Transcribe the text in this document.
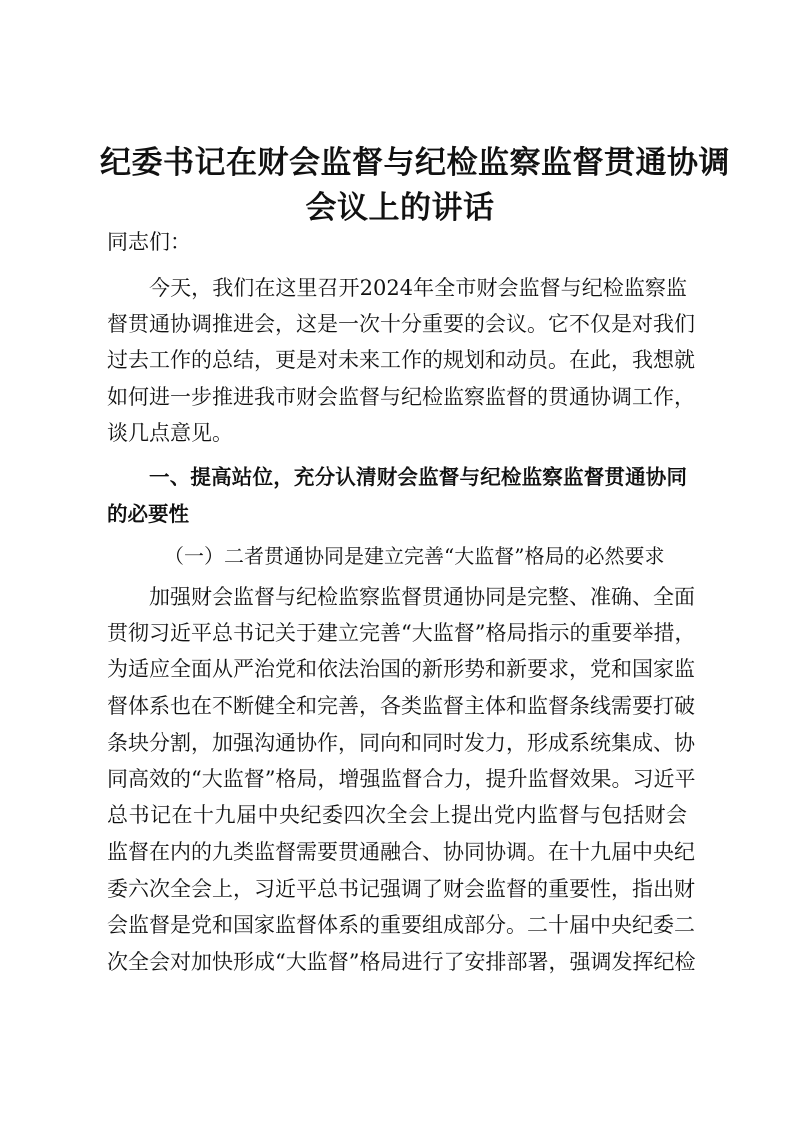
纪委书记在财会监督与纪检监察监督贯通协调
会议上的讲话
同志们：
今天，我们在这里召开2024年全市财会监督与纪检监察监
督贯通协调推进会，这是一次十分重要的会议。它不仅是对我们
过去工作的总结，更是对未来工作的规划和动员。在此，我想就
如何进一步推进我市财会监督与纪检监察监督的贯通协调工作，
谈几点意见。
一、提高站位，充分认清财会监督与纪检监察监督贯通协同
的必要性
（一）二者贯通协同是建立完善“大监督”格局的必然要求
加强财会监督与纪检监察监督贯通协同是完整、准确、全面
贯彻习近平总书记关于建立完善“大监督”格局指示的重要举措，
为适应全面从严治党和依法治国的新形势和新要求，党和国家监
督体系也在不断健全和完善，各类监督主体和监督条线需要打破
条块分割，加强沟通协作，同向和同时发力，形成系统集成、协
同高效的“大监督”格局，增强监督合力，提升监督效果。习近平
总书记在十九届中央纪委四次全会上提出党内监督与包括财会
监督在内的九类监督需要贯通融合、协同协调。在十九届中央纪
委六次全会上，习近平总书记强调了财会监督的重要性，指出财
会监督是党和国家监督体系的重要组成部分。二十届中央纪委二
次全会对加快形成“大监督”格局进行了安排部署，强调发挥纪检
